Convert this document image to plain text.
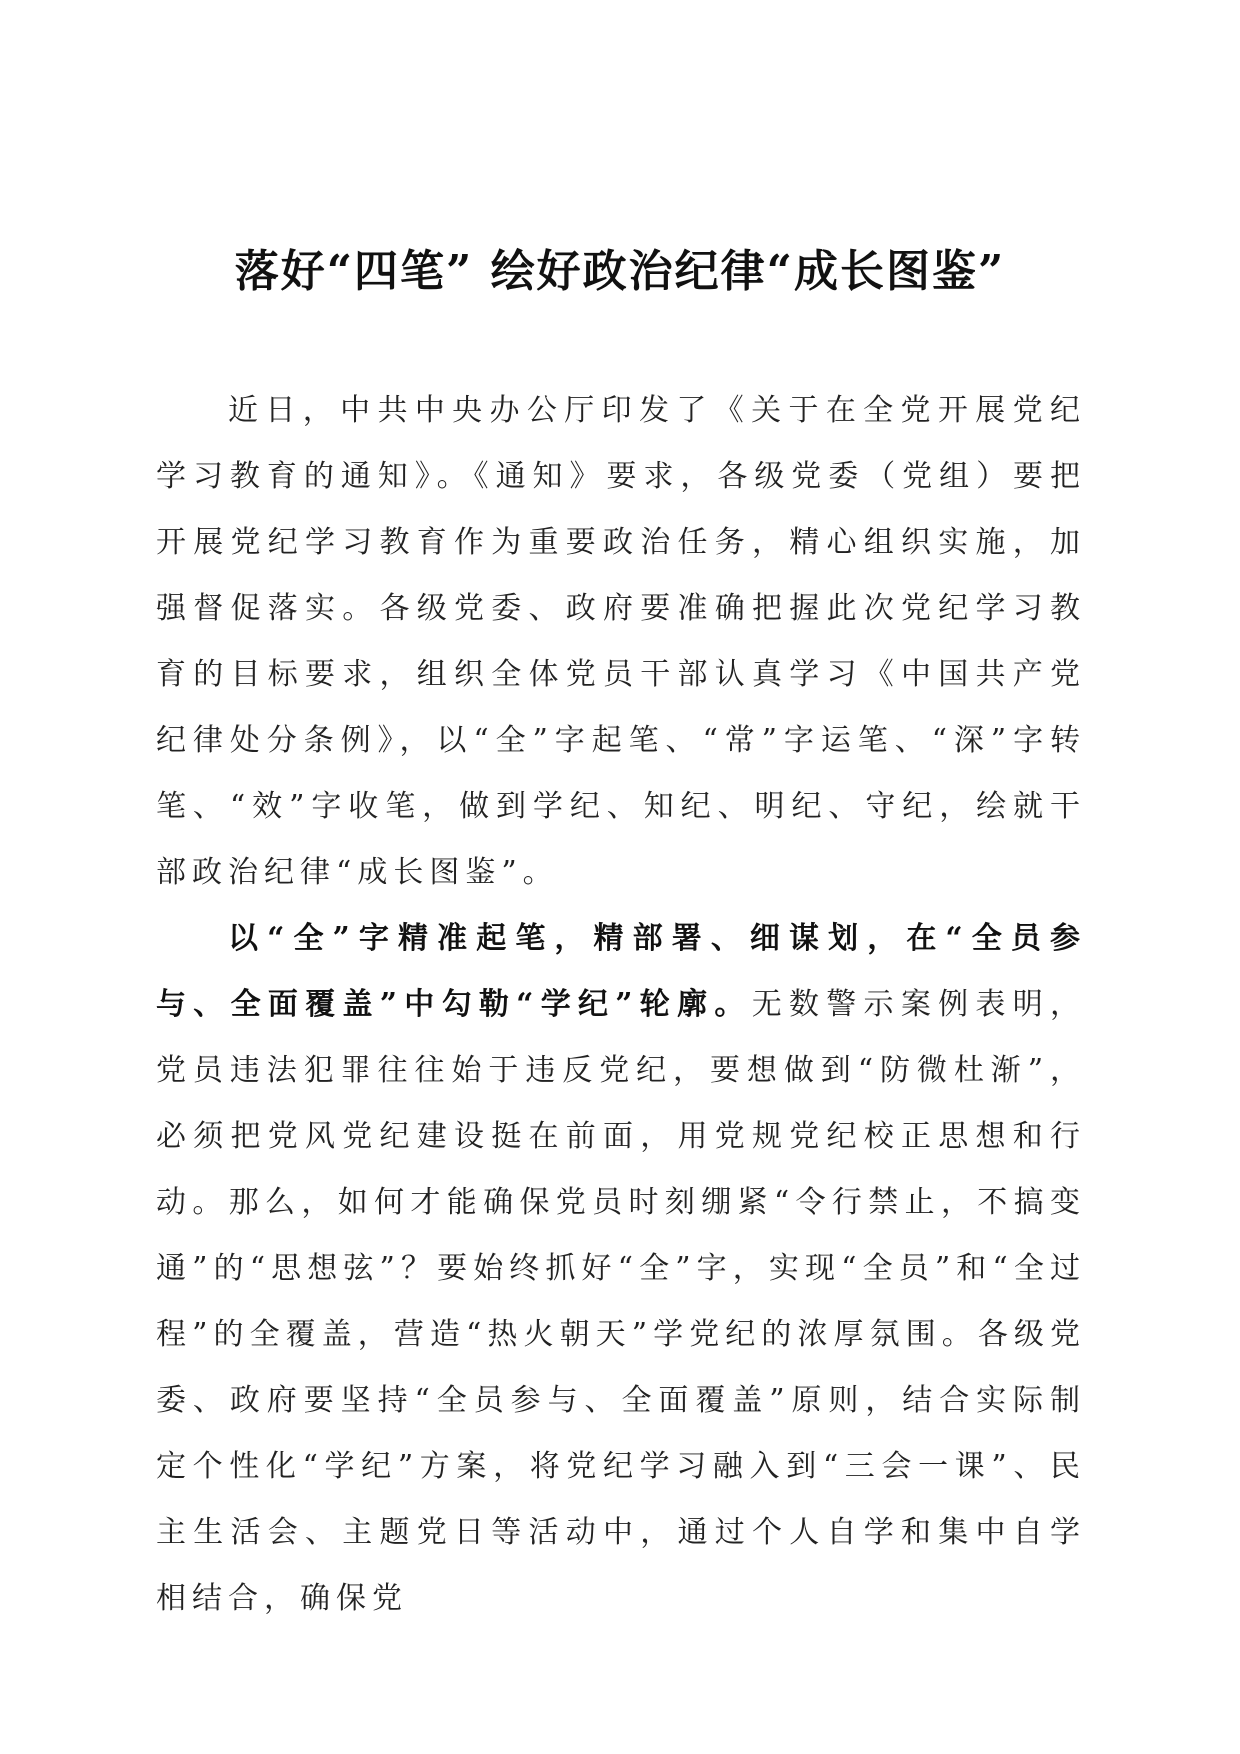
落好“四笔” 绘好政治纪律“成长图鉴”

近日，中共中央办公厅印发了《关于在全党开展党纪学习教育的通知》。《通知》要求，各级党委（党组）要把开展党纪学习教育作为重要政治任务，精心组织实施，加强督促落实。各级党委、政府要准确把握此次党纪学习教育的目标要求，组织全体党员干部认真学习《中国共产党纪律处分条例》，以“全”字起笔、“常”字运笔、“深”字转笔、“效”字收笔，做到学纪、知纪、明纪、守纪，绘就干部政治纪律“成长图鉴”。

以“全”字精准起笔，精部署、细谋划，在“全员参与、全面覆盖”中勾勒“学纪”轮廓。无数警示案例表明，党员违法犯罪往往始于违反党纪，要想做到“防微杜渐”，必须把党风党纪建设挺在前面，用党规党纪校正思想和行动。那么，如何才能确保党员时刻绷紧“令行禁止，不搞变通”的“思想弦”？要始终抓好“全”字，实现“全员”和“全过程”的全覆盖，营造“热火朝天”学党纪的浓厚氛围。各级党委、政府要坚持“全员参与、全面覆盖”原则，结合实际制定个性化“学纪”方案，将党纪学习融入到“三会一课”、民主生活会、主题党日等活动中，通过个人自学和集中自学相结合，确保党
